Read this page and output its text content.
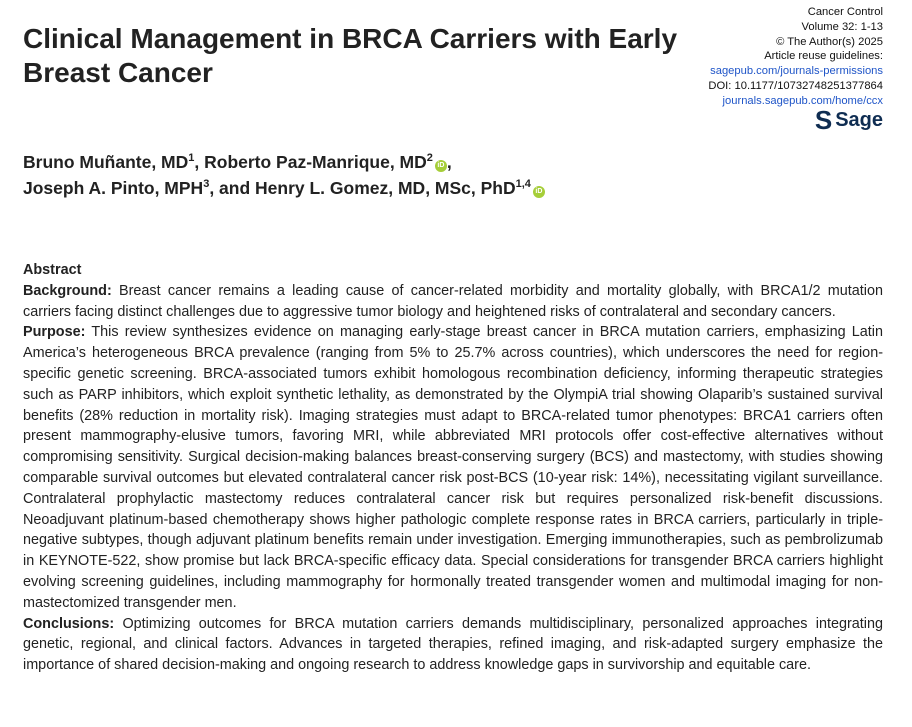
Clinical Management in BRCA Carriers with Early Breast Cancer
Cancer Control
Volume 32: 1-13
© The Author(s) 2025
Article reuse guidelines:
sagepub.com/journals-permissions
DOI: 10.1177/10732748251377864
journals.sagepub.com/home/ccx
S Sage
Bruno Muñante, $MD^1$, Roberto Paz-Manrique, $MD^2iD$ ,
Joseph A. Pinto, MPH$^3$, and Henry L. Gomez, MD, MSc, PhD$^{1,4}$iD
Abstract

Background: Breast cancer remains a leading cause of cancer-related morbidity and mortality globally, with BRCA1/2 mutation carriers facing distinct challenges due to aggressive tumor biology and heightened risks of contralateral and secondary cancers.

Purpose: This review synthesizes evidence on managing early-stage breast cancer in BRCA mutation carriers, emphasizing Latin America’s heterogeneous BRCA prevalence (ranging from 5% to 25.7% across countries), which underscores the need for region-specific genetic screening. BRCA-associated tumors exhibit homologous recombination deficiency, informing therapeutic strategies such as PARP inhibitors, which exploit synthetic lethality, as demonstrated by the OlympiA trial showing Olaparib’s sustained survival benefits (28% reduction in mortality risk). Imaging strategies must adapt to BRCA-related tumor phenotypes: BRCA1 carriers often present mammography-elusive tumors, favoring MRI, while abbreviated MRI protocols offer cost-effective alternatives without compromising sensitivity. Surgical decision-making balances breast-conserving surgery (BCS) and mastectomy, with studies showing comparable survival outcomes but elevated contralateral cancer risk post-BCS (10-year risk: 14%), necessitating vigilant surveillance. Contralateral prophylactic mastectomy reduces contralateral cancer risk but requires personalized risk-benefit discussions. Neoadjuvant platinum-based chemotherapy shows higher pathologic complete response rates in BRCA carriers, particularly in triple-negative subtypes, though adjuvant platinum benefits remain under investigation. Emerging immunotherapies, such as pembrolizumab in KEYNOTE-522, show promise but lack BRCA-specific efficacy data. Special considerations for transgender BRCA carriers highlight evolving screening guidelines, including mammography for hormonally treated transgender women and multimodal imaging for non-mastectomized transgender men.

Conclusions: Optimizing outcomes for BRCA mutation carriers demands multidisciplinary, personalized approaches integrating genetic, regional, and clinical factors. Advances in targeted therapies, refined imaging, and risk-adapted surgery emphasize the importance of shared decision-making and ongoing research to address knowledge gaps in survivorship and equitable care.
